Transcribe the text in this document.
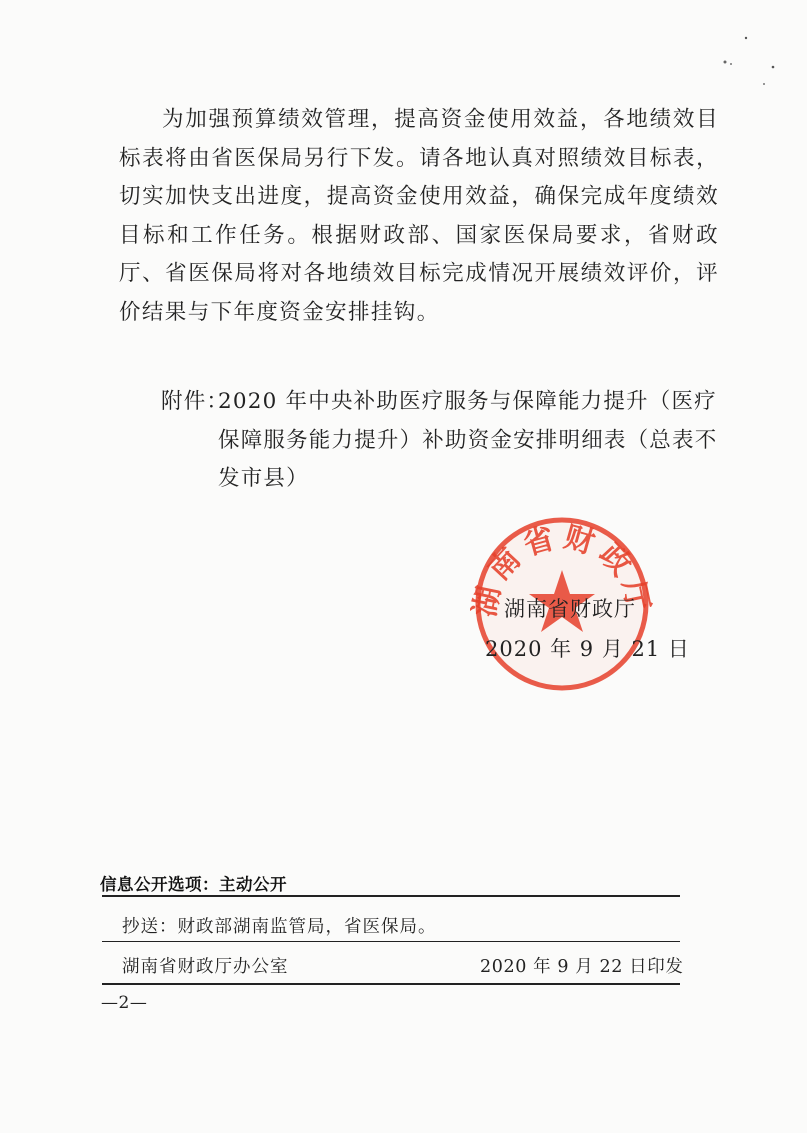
为加强预算绩效管理，提高资金使用效益，各地绩效目标表将由省医保局另行下发。请各地认真对照绩效目标表，切实加快支出进度，提高资金使用效益，确保完成年度绩效目标和工作任务。根据财政部、国家医保局要求，省财政厅、省医保局将对各地绩效目标完成情况开展绩效评价，评价结果与下年度资金安排挂钩。

附件：
2020 年中央补助医疗服务与保障能力提升（医疗保障服务能力提升）补助资金安排明细表（总表不发市县）
湖南省财政厅
湖南省财政厅
2020 年 9 月 21 日
信息公开选项：主动公开
抄送：财政部湖南监管局，省医保局。
湖南省财政厅办公室	2020 年 9 月 22 日印发
—2—
